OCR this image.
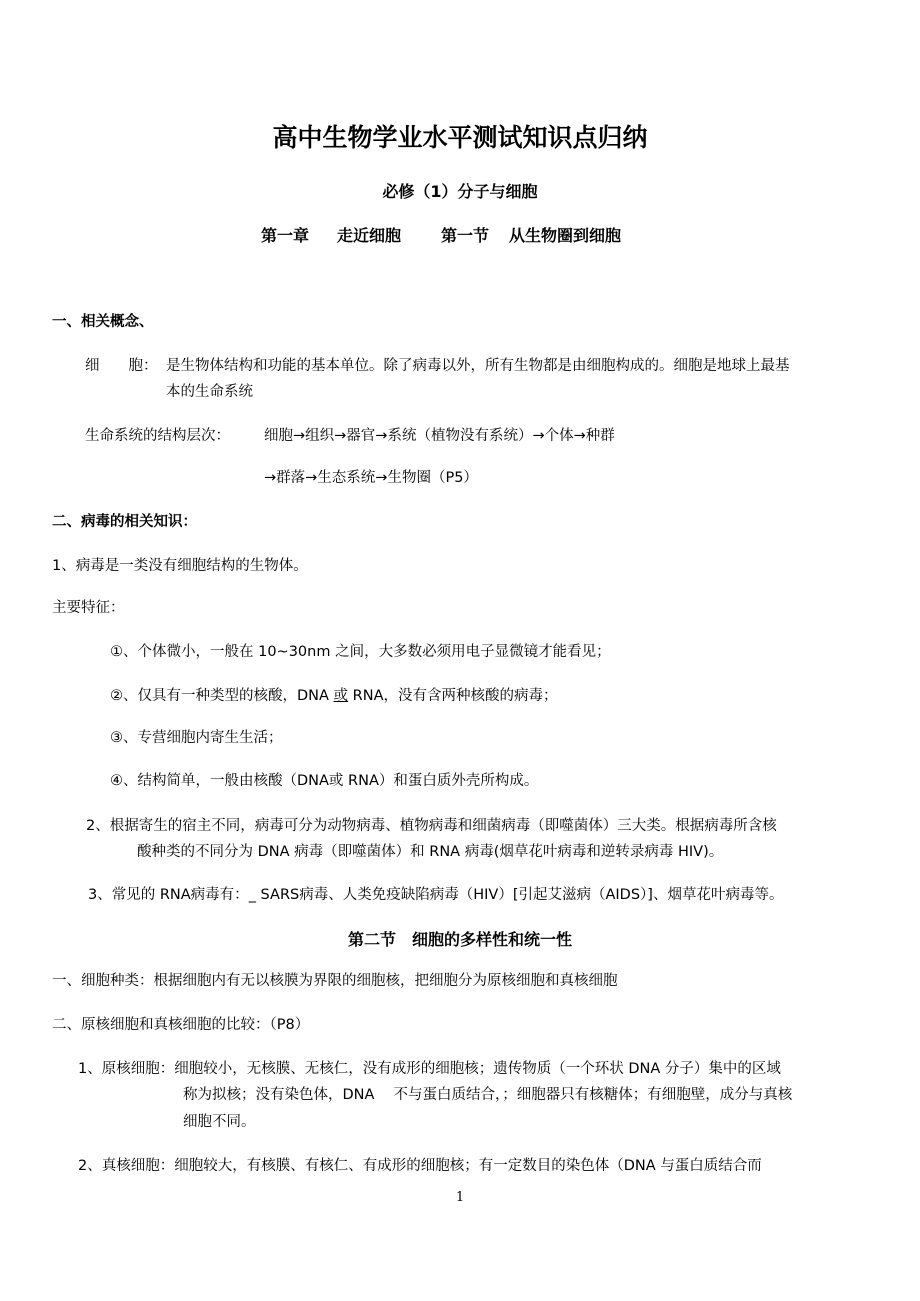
高中生物学业水平测试知识点归纳
必修（1）分子与细胞
第一章 走近细胞	第一节 从生物圈到细胞
一、相关概念、
细　　胞： 是生物体结构和功能的基本单位。除了病毒以外，所有生物都是由细胞构成的。细胞是地球上最基
本的生命系统
生命系统的结构层次： 细胞→组织→器官→系统（植物没有系统）→个体→种群
→群落→生态系统→生物圈（P5）
二、病毒的相关知识：
1、病毒是一类没有细胞结构的生物体。
主要特征：
①、个体微小，一般在 10~30nm 之间，大多数必须用电子显微镜才能看见；
②、仅具有一种类型的核酸，DNA 或 RNA，没有含两种核酸的病毒；
③、专营细胞内寄生生活；
④、结构简单，一般由核酸（DNA或 RNA）和蛋白质外壳所构成。
2、根据寄生的宿主不同，病毒可分为动物病毒、植物病毒和细菌病毒（即噬菌体）三大类。根据病毒所含核
酸种类的不同分为 DNA 病毒（即噬菌体）和 RNA 病毒(烟草花叶病毒和逆转录病毒 HIV)。
3、常见的 RNA病毒有：_ SARS病毒、人类免疫缺陷病毒（HIV）[引起艾滋病（AIDS）]、烟草花叶病毒等。
第二节　细胞的多样性和统一性
一、细胞种类：根据细胞内有无以核膜为界限的细胞核，把细胞分为原核细胞和真核细胞
二、原核细胞和真核细胞的比较：（P8）
1、原核细胞：细胞较小，无核膜、无核仁，没有成形的细胞核；遗传物质（一个环状 DNA 分子）集中的区域
称为拟核；没有染色体，DNA　 不与蛋白质结合，；细胞器只有核糖体；有细胞壁，成分与真核
细胞不同。
2、真核细胞：细胞较大，有核膜、有核仁、有成形的细胞核；有一定数目的染色体（DNA 与蛋白质结合而
1
